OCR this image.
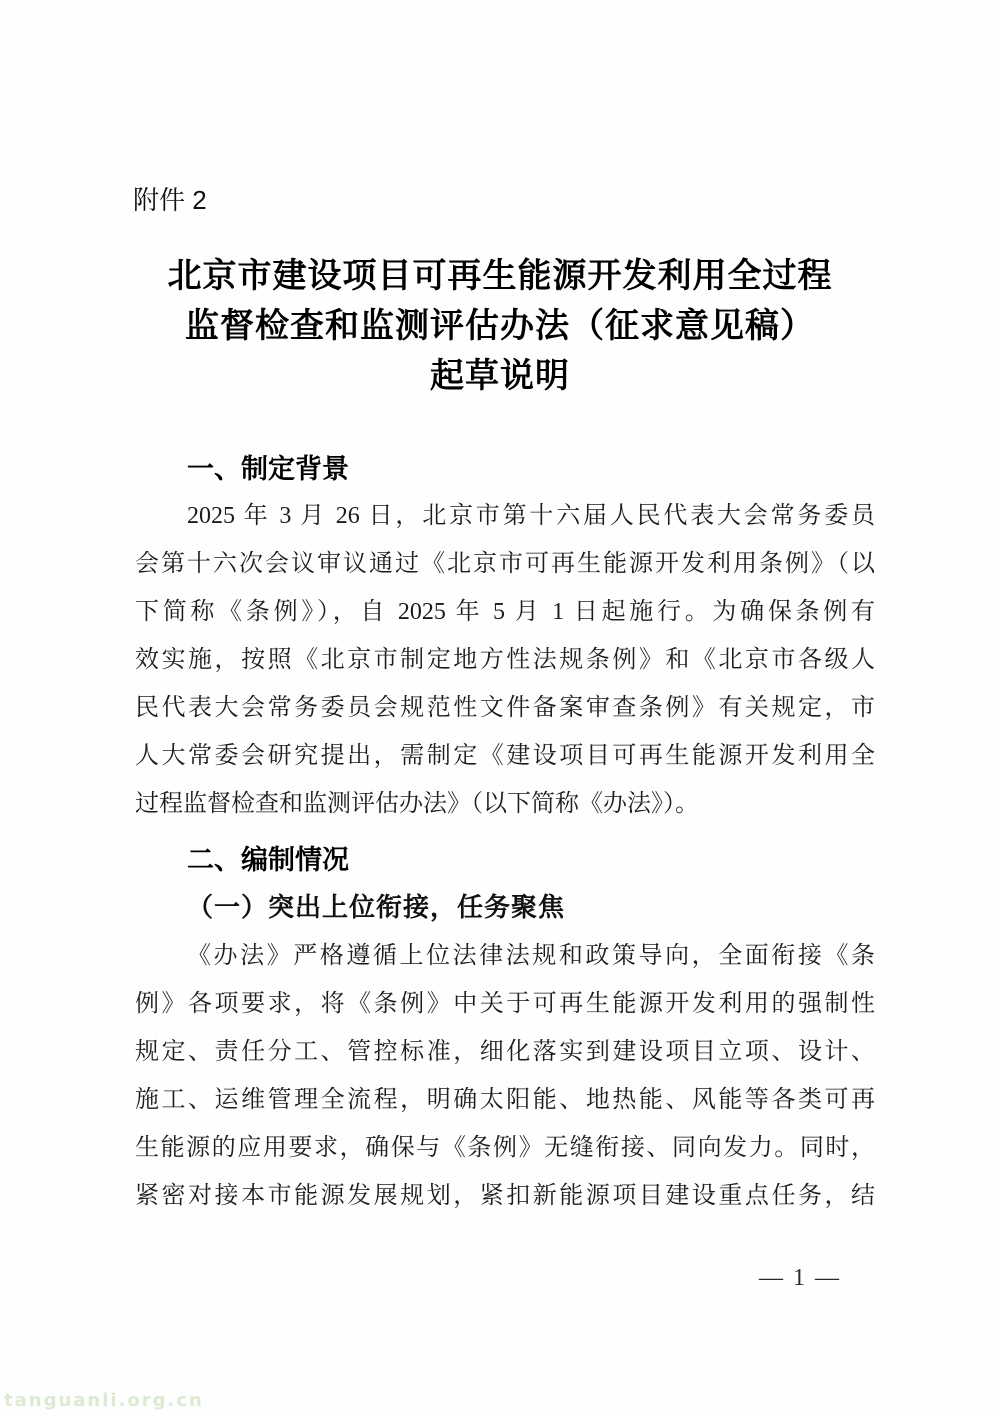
附件 2
北京市建设项目可再生能源开发利用全过程
监督检查和监测评估办法（征求意见稿）
起草说明
一、制定背景
2025 年 3 月 26 日，北京市第十六届人民代表大会常务委员
会第十六次会议审议通过《北京市可再生能源开发利用条例》（以
下简称《条例》），自 2025 年 5 月 1 日起施行。为确保条例有
效实施，按照《北京市制定地方性法规条例》和《北京市各级人
民代表大会常务委员会规范性文件备案审查条例》有关规定，市
人大常委会研究提出，需制定《建设项目可再生能源开发利用全
过程监督检查和监测评估办法》（以下简称《办法》）。
二、编制情况
（一）突出上位衔接，任务聚焦
《办法》严格遵循上位法律法规和政策导向，全面衔接《条
例》各项要求，将《条例》中关于可再生能源开发利用的强制性
规定、责任分工、管控标准，细化落实到建设项目立项、设计、
施工、运维管理全流程，明确太阳能、地热能、风能等各类可再
生能源的应用要求，确保与《条例》无缝衔接、同向发力。同时，
紧密对接本市能源发展规划，紧扣新能源项目建设重点任务，结
— 1 —
tanguanli.org.cn
